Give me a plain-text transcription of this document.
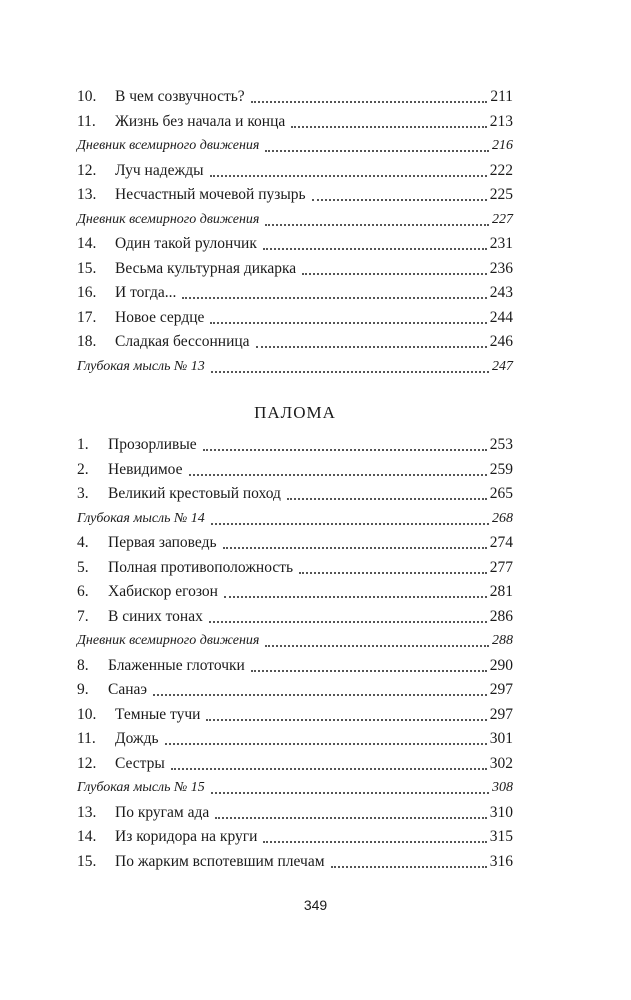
10.	В чем созвучность?	211
11.	Жизнь без начала и конца	213
Дневник всемирного движения	216
12.	Луч надежды	222
13.	Несчастный мочевой пузырь	225
Дневник всемирного движения	227
14.	Один такой рулончик	231
15.	Весьма культурная дикарка	236
16.	И тогда...	243
17.	Новое сердце	244
18.	Сладкая бессонница	246
Глубокая мысль № 13	247
ПАЛОМА
1.	Прозорливые	253
2.	Невидимое	259
3.	Великий крестовый поход	265
Глубокая мысль № 14	268
4.	Первая заповедь	274
5.	Полная противоположность	277
6.	Хабискор егозон	281
7.	В синих тонах	286
Дневник всемирного движения	288
8.	Блаженные глоточки	290
9.	Санаэ	297
10.	Темные тучи	297
11.	Дождь	301
12.	Сестры	302
Глубокая мысль № 15	308
13.	По кругам ада	310
14.	Из коридора на круги	315
15.	По жарким вспотевшим плечам	316
349
